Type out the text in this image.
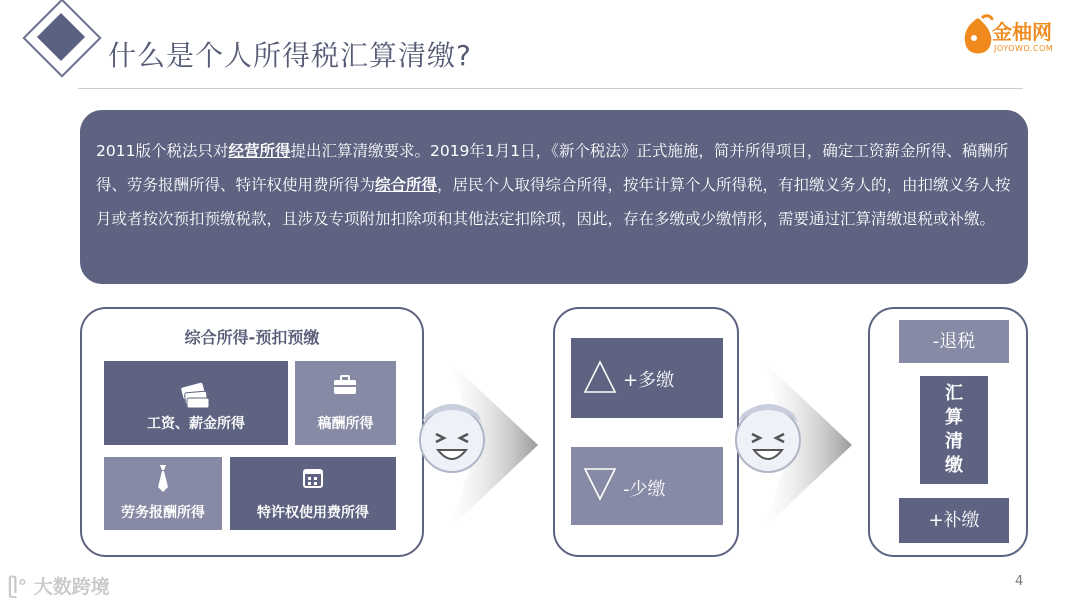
什么是个人所得税汇算清缴?
金柚网
JOYOWO.COM
2011版个税法只对经营所得提出汇算清缴要求。2019年1月1日，《新个税法》正式施施，简并所得项目，确定工资薪金所得、稿酬所得、劳务报酬所得、特许权使用费所得为综合所得，居民个人取得综合所得，按年计算个人所得税，有扣缴义务人的，由扣缴义务人按月或者按次预扣预缴税款，且涉及专项附加扣除项和其他法定扣除项，因此，存在多缴或少缴情形，需要通过汇算清缴退税或补缴。
综合所得-预扣预缴
工资、薪金所得	稿酬所得
劳务报酬所得	特许权使用费所得
+多缴
-少缴
-退税
汇算清缴
+补缴
ᥫ° 大数跨境	4
